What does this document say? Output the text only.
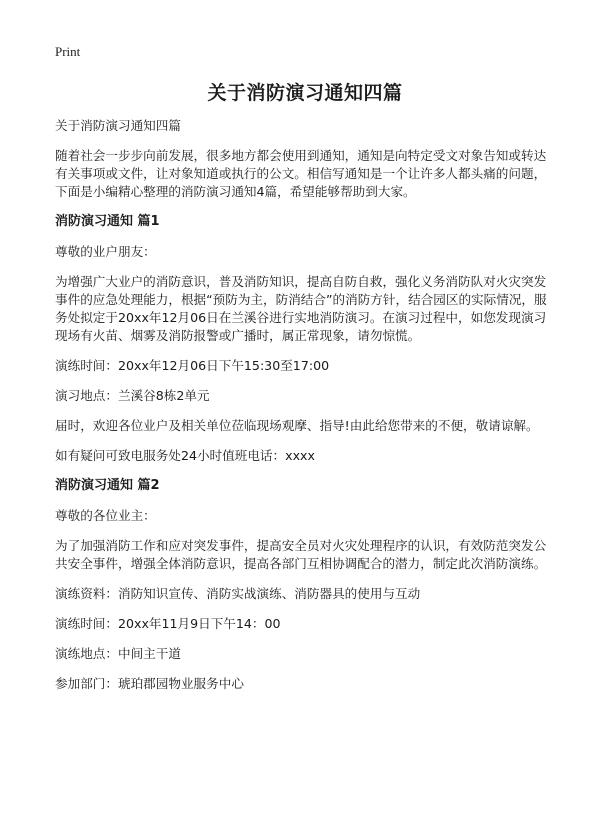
Print
关于消防演习通知四篇

关于消防演习通知四篇

随着社会一步步向前发展，很多地方都会使用到通知，通知是向特定受文对象告知或转达有关事项或文件，让对象知道或执行的公文。相信写通知是一个让许多人都头痛的问题，下面是小编精心整理的消防演习通知4篇，希望能够帮助到大家。

消防演习通知 篇1

尊敬的业户朋友：

为增强广大业户的消防意识，普及消防知识，提高自防自救，强化义务消防队对火灾突发事件的应急处理能力，根据“预防为主，防消结合”的消防方针，结合园区的实际情况，服务处拟定于20xx年12月06日在兰溪谷进行实地消防演习。在演习过程中，如您发现演习现场有火苗、烟雾及消防报警或广播时，属正常现象，请勿惊慌。

演练时间：20xx年12月06日下午15:30至17:00

演习地点：兰溪谷8栋2单元

届时，欢迎各位业户及相关单位莅临现场观摩、指导!由此给您带来的不便，敬请谅解。

如有疑问可致电服务处24小时值班电话：xxxx

消防演习通知 篇2

尊敬的各位业主：

为了加强消防工作和应对突发事件，提高安全员对火灾处理程序的认识，有效防范突发公共安全事件，增强全体消防意识，提高各部门互相协调配合的潜力，制定此次消防演练。

演练资料：消防知识宣传、消防实战演练、消防器具的使用与互动

演练时间：20xx年11月9日下午14：00

演练地点：中间主干道

参加部门：琥珀郡园物业服务中心
